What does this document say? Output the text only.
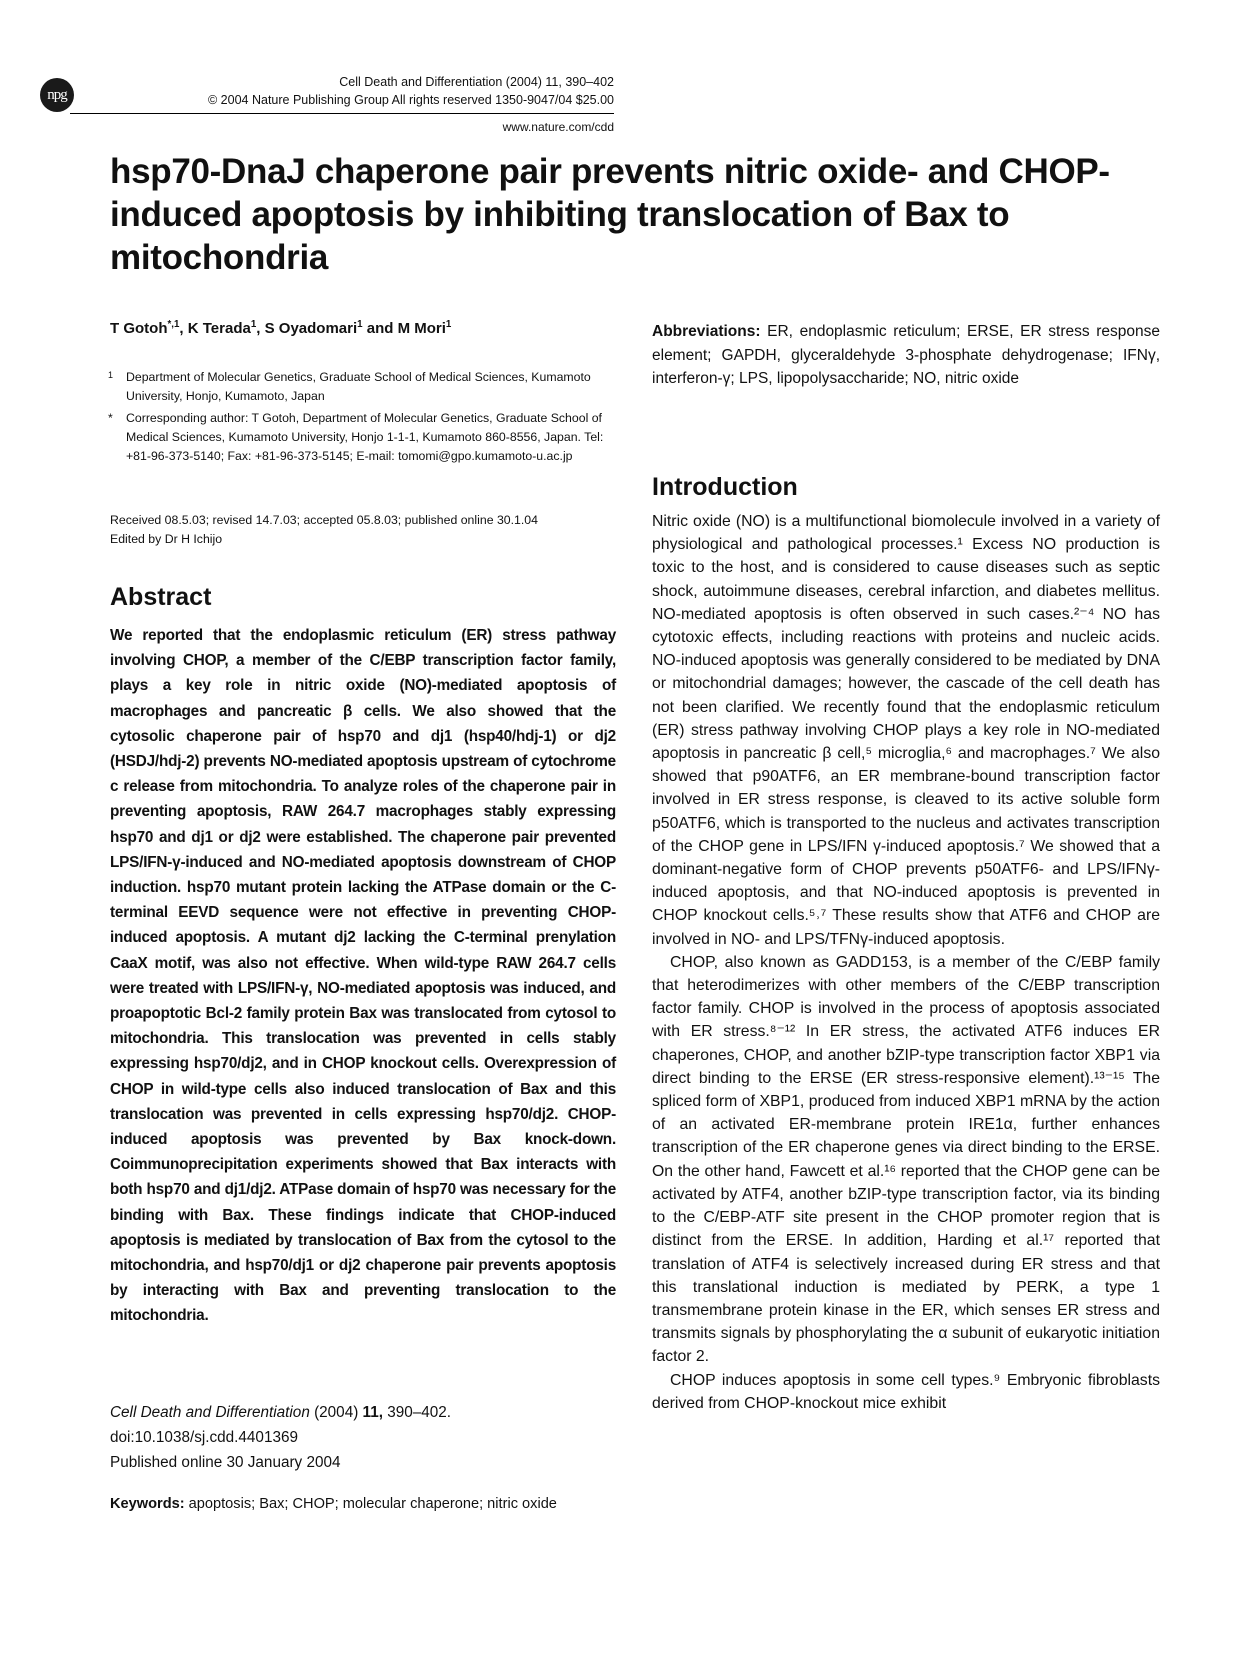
npg
Cell Death and Differentiation (2004) 11, 390–402
© 2004 Nature Publishing Group All rights reserved 1350-9047/04 $25.00
www.nature.com/cdd
hsp70-DnaJ chaperone pair prevents nitric oxide- and CHOP-induced apoptosis by inhibiting translocation of Bax to mitochondria
T Gotoh$^{*,1}$, K Terada$^1$, S Oyadomari$^1$ and M Mori$^1$
1	Department of Molecular Genetics, Graduate School of Medical Sciences, Kumamoto University, Honjo, Kumamoto, Japan
*	Corresponding author: T Gotoh, Department of Molecular Genetics, Graduate School of Medical Sciences, Kumamoto University, Honjo 1-1-1, Kumamoto 860-8556, Japan. Tel: +81-96-373-5140; Fax: +81-96-373-5145; E-mail: tomomi@gpo.kumamoto-u.ac.jp
Received 08.5.03; revised 14.7.03; accepted 05.8.03; published online 30.1.04
Edited by Dr H Ichijo
Abstract
We reported that the endoplasmic reticulum (ER) stress pathway involving CHOP, a member of the C/EBP transcription factor family, plays a key role in nitric oxide (NO)-mediated apoptosis of macrophages and pancreatic β cells. We also showed that the cytosolic chaperone pair of hsp70 and dj1 (hsp40/hdj-1) or dj2 (HSDJ/hdj-2) prevents NO-mediated apoptosis upstream of cytochrome c release from mitochondria. To analyze roles of the chaperone pair in preventing apoptosis, RAW 264.7 macrophages stably expressing hsp70 and dj1 or dj2 were established. The chaperone pair prevented LPS/IFN-γ-induced and NO-mediated apoptosis downstream of CHOP induction. hsp70 mutant protein lacking the ATPase domain or the C-terminal EEVD sequence were not effective in preventing CHOP-induced apoptosis. A mutant dj2 lacking the C-terminal prenylation CaaX motif, was also not effective. When wild-type RAW 264.7 cells were treated with LPS/IFN-γ, NO-mediated apoptosis was induced, and proapoptotic Bcl-2 family protein Bax was translocated from cytosol to mitochondria. This translocation was prevented in cells stably expressing hsp70/dj2, and in CHOP knockout cells. Overexpression of CHOP in wild-type cells also induced translocation of Bax and this translocation was prevented in cells expressing hsp70/dj2. CHOP-induced apoptosis was prevented by Bax knock-down. Coimmunoprecipitation experiments showed that Bax interacts with both hsp70 and dj1/dj2. ATPase domain of hsp70 was necessary for the binding with Bax. These findings indicate that CHOP-induced apoptosis is mediated by translocation of Bax from the cytosol to the mitochondria, and hsp70/dj1 or dj2 chaperone pair prevents apoptosis by interacting with Bax and preventing translocation to the mitochondria.
Cell Death and Differentiation (2004) 11, 390–402. doi:10.1038/sj.cdd.4401369
Published online 30 January 2004
Keywords: apoptosis; Bax; CHOP; molecular chaperone; nitric oxide
Abbreviations: ER, endoplasmic reticulum; ERSE, ER stress response element; GAPDH, glyceraldehyde 3-phosphate dehydrogenase; IFNγ, interferon-γ; LPS, lipopolysaccharide; NO, nitric oxide
Introduction

Nitric oxide (NO) is a multifunctional biomolecule involved in a variety of physiological and pathological processes.¹ Excess NO production is toxic to the host, and is considered to cause diseases such as septic shock, autoimmune diseases, cerebral infarction, and diabetes mellitus. NO-mediated apoptosis is often observed in such cases.²⁻⁴ NO has cytotoxic effects, including reactions with proteins and nucleic acids. NO-induced apoptosis was generally considered to be mediated by DNA or mitochondrial damages; however, the cascade of the cell death has not been clarified. We recently found that the endoplasmic reticulum (ER) stress pathway involving CHOP plays a key role in NO-mediated apoptosis in pancreatic β cell,⁵ microglia,⁶ and macrophages.⁷ We also showed that p90ATF6, an ER membrane-bound transcription factor involved in ER stress response, is cleaved to its active soluble form p50ATF6, which is transported to the nucleus and activates transcription of the CHOP gene in LPS/IFN γ-induced apoptosis.⁷ We showed that a dominant-negative form of CHOP prevents p50ATF6- and LPS/IFNγ-induced apoptosis, and that NO-induced apoptosis is prevented in CHOP knockout cells.⁵˒⁷ These results show that ATF6 and CHOP are involved in NO- and LPS/TFNγ-induced apoptosis.

CHOP, also known as GADD153, is a member of the C/EBP family that heterodimerizes with other members of the C/EBP transcription factor family. CHOP is involved in the process of apoptosis associated with ER stress.⁸⁻¹² In ER stress, the activated ATF6 induces ER chaperones, CHOP, and another bZIP-type transcription factor XBP1 via direct binding to the ERSE (ER stress-responsive element).¹³⁻¹⁵ The spliced form of XBP1, produced from induced XBP1 mRNA by the action of an activated ER-membrane protein IRE1α, further enhances transcription of the ER chaperone genes via direct binding to the ERSE. On the other hand, Fawcett et al.¹⁶ reported that the CHOP gene can be activated by ATF4, another bZIP-type transcription factor, via its binding to the C/EBP-ATF site present in the CHOP promoter region that is distinct from the ERSE. In addition, Harding et al.¹⁷ reported that translation of ATF4 is selectively increased during ER stress and that this translational induction is mediated by PERK, a type 1 transmembrane protein kinase in the ER, which senses ER stress and transmits signals by phosphorylating the α subunit of eukaryotic initiation factor 2.

CHOP induces apoptosis in some cell types.⁹ Embryonic fibroblasts derived from CHOP-knockout mice exhibit
